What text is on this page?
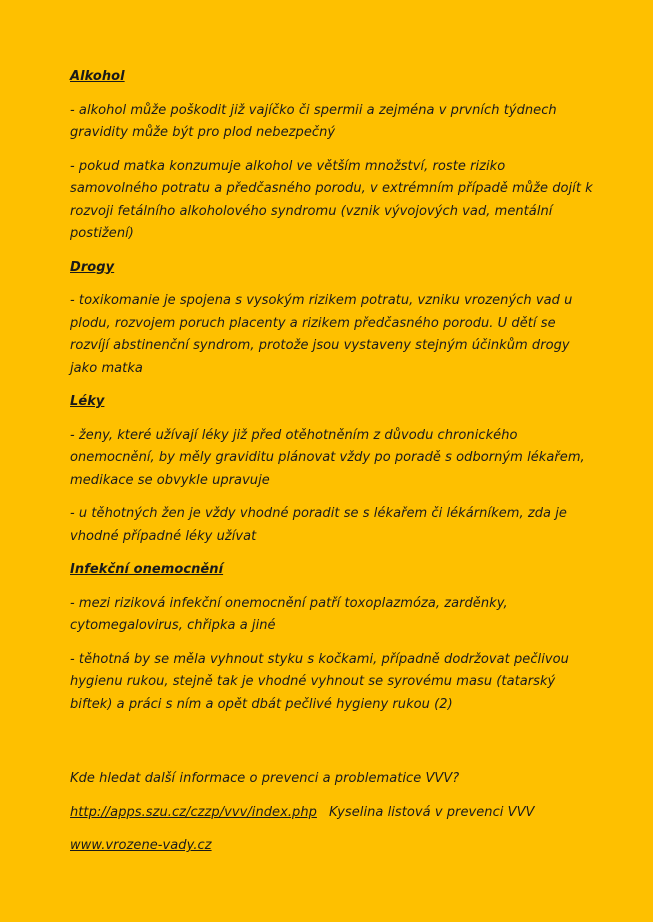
Alkohol
- alkohol může poškodit již vajíčko či spermii a zejména v prvních týdnech gravidity může být pro plod nebezpečný
- pokud matka konzumuje alkohol ve větším množství, roste riziko samovolného potratu a předčasného porodu, v extrémním případě může dojít k rozvoji fetálního alkoholového syndromu (vznik vývojových vad, mentální postižení)
Drogy
- toxikomanie je spojena s vysokým rizikem potratu, vzniku vrozených vad u plodu, rozvojem poruch placenty a rizikem předčasného porodu. U dětí se rozvíjí abstinenční syndrom, protože jsou vystaveny stejným účinkům drogy jako matka
Léky
- ženy, které užívají léky již před otěhotněním z důvodu chronického onemocnění, by měly graviditu plánovat vždy po poradě s odborným lékařem, medikace se obvykle upravuje
- u těhotných žen je vždy vhodné poradit se s lékařem či lékárníkem, zda je vhodné případné léky užívat
Infekční onemocnění
- mezi riziková infekční onemocnění patří toxoplazmóza, zarděnky, cytomegalovirus, chřipka a jiné
- těhotná by se měla vyhnout styku s kočkami, případně dodržovat pečlivou hygienu rukou, stejně tak je vhodné vyhnout se syrovému masu (tatarský biftek) a práci s ním a opět dbát pečlivé hygieny rukou (2)
Kde hledat další informace o prevenci a problematice VVV?
http://apps.szu.cz/czzp/vvv/index.php Kyselina listová v prevenci VVV
www.vrozene-vady.cz
